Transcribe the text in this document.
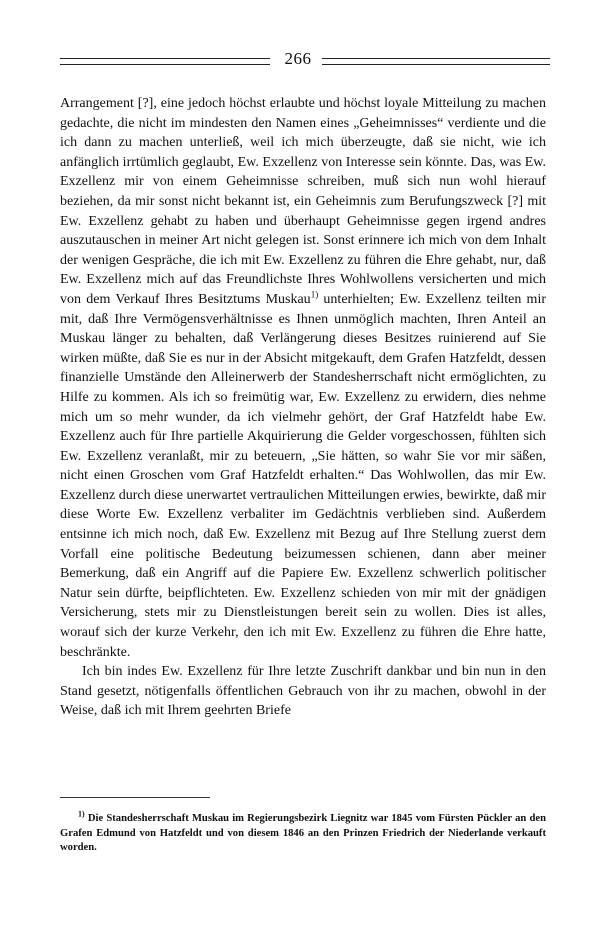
266

Arrangement [?], eine jedoch höchst erlaubte und höchst loyale Mitteilung zu machen gedachte, die nicht im mindesten den Namen eines „Geheimnisses“ verdiente und die ich dann zu machen unterließ, weil ich mich überzeugte, daß sie nicht, wie ich anfänglich irrtümlich geglaubt, Ew. Exzellenz von Interesse sein könnte. Das, was Ew. Exzellenz mir von einem Geheimnisse schreiben, muß sich nun wohl hierauf beziehen, da mir sonst nicht bekannt ist, ein Geheimnis zum Berufungszweck [?] mit Ew. Exzellenz gehabt zu haben und überhaupt Geheimnisse gegen irgend andres auszutauschen in meiner Art nicht gelegen ist. Sonst erinnere ich mich von dem Inhalt der wenigen Gespräche, die ich mit Ew. Exzellenz zu führen die Ehre gehabt, nur, daß Ew. Exzellenz mich auf das Freundlichste Ihres Wohlwollens versicherten und mich von dem Verkauf Ihres Besitztums Muskau$^{1)}$ unterhielten; Ew. Exzellenz teilten mir mit, daß Ihre Vermögensverhältnisse es Ihnen unmöglich machten, Ihren Anteil an Muskau länger zu behalten, daß Verlängerung dieses Besitzes ruinierend auf Sie wirken müßte, daß Sie es nur in der Absicht mitgekauft, dem Grafen Hatzfeldt, dessen finanzielle Umstände den Alleinerwerb der Standesherrschaft nicht ermöglichten, zu Hilfe zu kommen. Als ich so freimütig war, Ew. Exzellenz zu erwidern, dies nehme mich um so mehr wunder, da ich vielmehr gehört, der Graf Hatzfeldt habe Ew. Exzellenz auch für Ihre partielle Akquirierung die Gelder vorgeschossen, fühlten sich Ew. Exzellenz veranlaßt, mir zu beteuern, „Sie hätten, so wahr Sie vor mir säßen, nicht einen Groschen vom Graf Hatzfeldt erhalten.“ Das Wohlwollen, das mir Ew. Exzellenz durch diese unerwartet vertraulichen Mitteilungen erwies, bewirkte, daß mir diese Worte Ew. Exzellenz verbaliter im Gedächtnis verblieben sind. Außerdem entsinne ich mich noch, daß Ew. Exzellenz mit Bezug auf Ihre Stellung zuerst dem Vorfall eine politische Bedeutung beizumessen schienen, dann aber meiner Bemerkung, daß ein Angriff auf die Papiere Ew. Exzellenz schwerlich politischer Natur sein dürfte, beipflichteten. Ew. Exzellenz schieden von mir mit der gnädigen Versicherung, stets mir zu Dienstleistungen bereit sein zu wollen. Dies ist alles, worauf sich der kurze Verkehr, den ich mit Ew. Exzellenz zu führen die Ehre hatte, beschränkte.

Ich bin indes Ew. Exzellenz für Ihre letzte Zuschrift dankbar und bin nun in den Stand gesetzt, nötigenfalls öffentlichen Gebrauch von ihr zu machen, obwohl in der Weise, daß ich mit Ihrem geehrten Briefe

$^{1)}$ Die Standesherrschaft Muskau im Regierungsbezirk Liegnitz war 1845 vom Fürsten Pückler an den Grafen Edmund von Hatzfeldt und von diesem 1846 an den Prinzen Friedrich der Niederlande verkauft worden.
